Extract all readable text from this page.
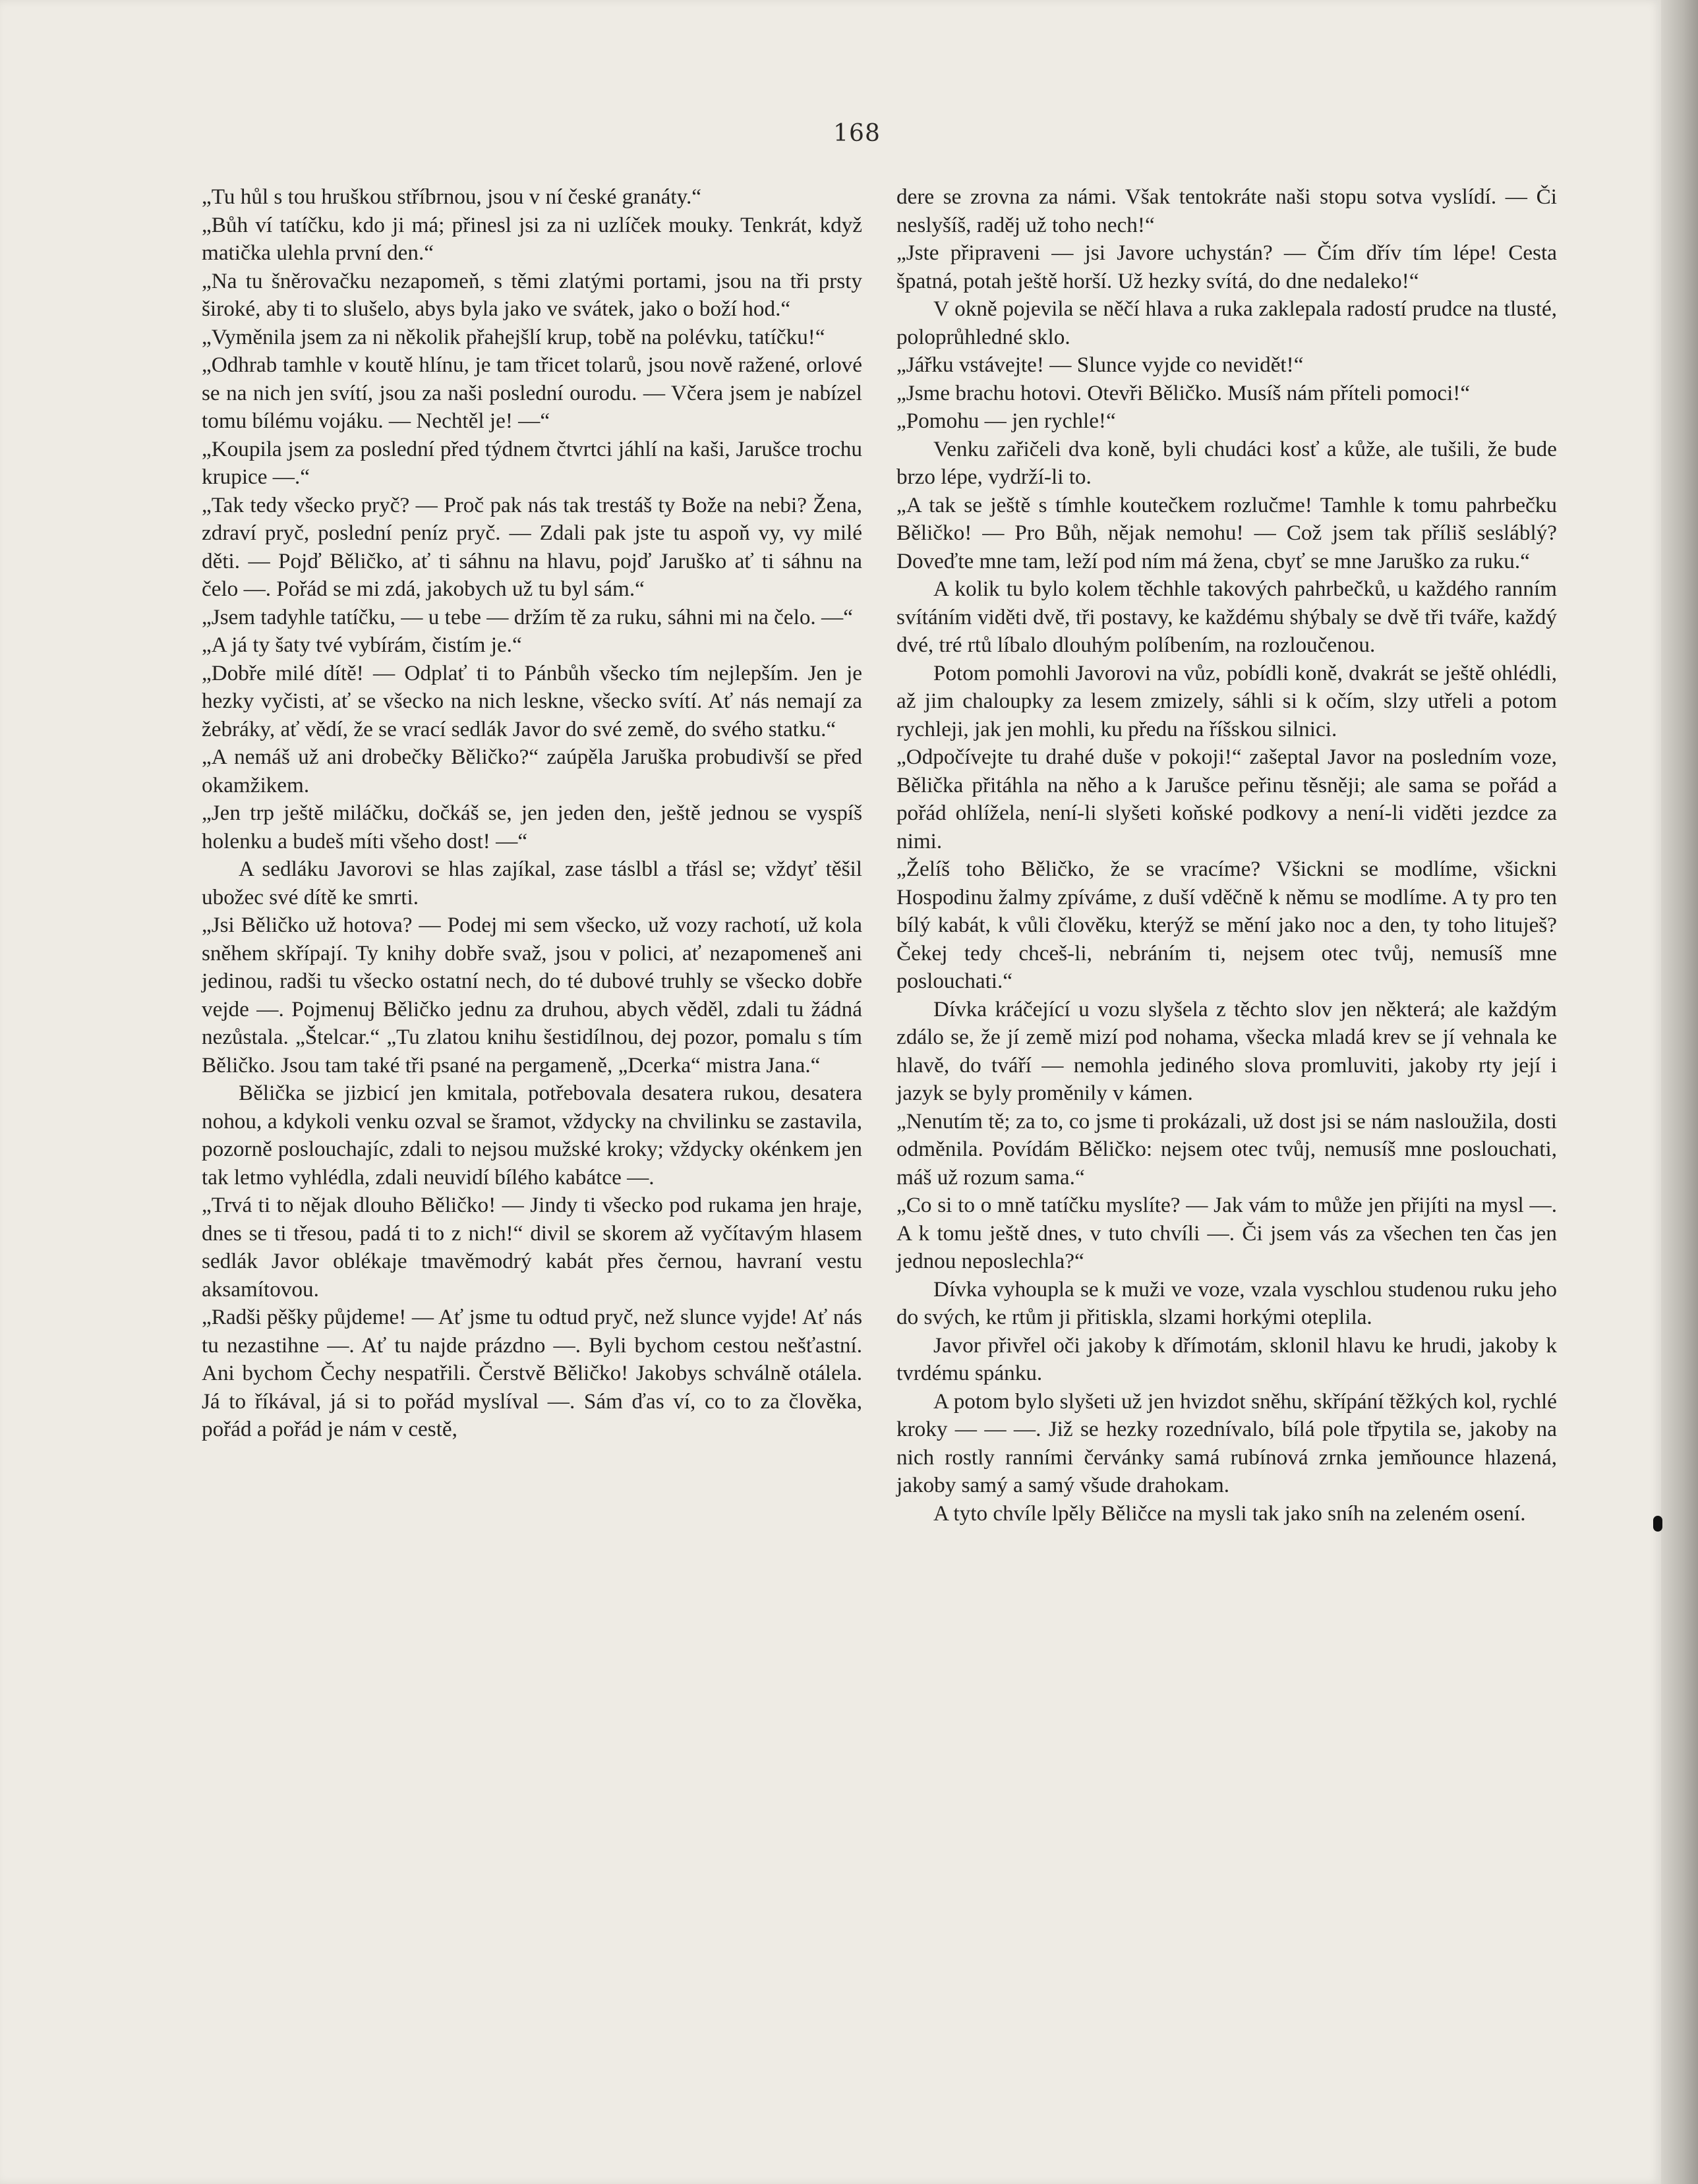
168

„Tu hůl s tou hruškou stříbrnou, jsou v ní české granáty.“

„Bůh ví tatíčku, kdo ji má; přinesl jsi za ni uzlíček mouky. Tenkrát, když matička ulehla první den.“

„Na tu šněrovačku nezapomeň, s těmi zlatými portami, jsou na tři prsty široké, aby ti to slušelo, abys byla jako ve svátek, jako o boží hod.“

„Vyměnila jsem za ni několik přahejšlí krup, tobě na polévku, tatíčku!“

„Odhrab tamhle v koutě hlínu, je tam třicet tolarů, jsou nově ražené, orlové se na nich jen svítí, jsou za naši poslední ourodu. — Včera jsem je nabízel tomu bílému vojáku. — Nechtěl je! —“

„Koupila jsem za poslední před týdnem čtvrtci jáhlí na kaši, Jarušce trochu krupice —.“

„Tak tedy všecko pryč? — Proč pak nás tak trestáš ty Bože na nebi? Žena, zdraví pryč, poslední peníz pryč. — Zdali pak jste tu aspoň vy, vy milé děti. — Pojď Běličko, ať ti sáhnu na hlavu, pojď Jaruško ať ti sáhnu na čelo —. Pořád se mi zdá, jakobych už tu byl sám.“

„Jsem tadyhle tatíčku, — u tebe — držím tě za ruku, sáhni mi na čelo. —“

„A já ty šaty tvé vybírám, čistím je.“

„Dobře milé dítě! — Odplať ti to Pánbůh všecko tím nejlepším. Jen je hezky vyčisti, ať se všecko na nich leskne, všecko svítí. Ať nás nemají za žebráky, ať vědí, že se vrací sedlák Javor do své země, do svého statku.“

„A nemáš už ani drobečky Běličko?“ zaúpěla Jaruška probudivší se před okamžikem.

„Jen trp ještě miláčku, dočkáš se, jen jeden den, ještě jednou se vyspíš holenku a budeš míti všeho dost! —“

A sedláku Javorovi se hlas zajíkal, zase táslbl a třásl se; vždyť těšil ubožec své dítě ke smrti.

„Jsi Běličko už hotova? — Podej mi sem všecko, už vozy rachotí, už kola sněhem skřípají. Ty knihy dobře svaž, jsou v polici, ať nezapomeneš ani jedinou, radši tu všecko ostatní nech, do té dubové truhly se všecko dobře vejde —. Pojmenuj Běličko jednu za druhou, abych věděl, zdali tu žádná nezůstala. „Štelcar.“ „Tu zlatou knihu šestidílnou, dej pozor, pomalu s tím Běličko. Jsou tam také tři psané na pergameně, „Dcerka“ mistra Jana.“

Bělička se jizbicí jen kmitala, potřebovala desatera rukou, desatera nohou, a kdykoli venku ozval se šramot, vždycky na chvilinku se zastavila, pozorně poslouchajíc, zdali to nejsou mužské kroky; vždycky okénkem jen tak letmo vyhlédla, zdali neuvidí bílého kabátce —.

„Trvá ti to nějak dlouho Běličko! — Jindy ti všecko pod rukama jen hraje, dnes se ti třesou, padá ti to z nich!“ divil se skorem až vyčítavým hlasem sedlák Javor oblékaje tmavěmodrý kabát přes černou, havraní vestu aksamítovou.

„Radši pěšky půjdeme! — Ať jsme tu odtud pryč, než slunce vyjde! Ať nás tu nezastihne —. Ať tu najde prázdno —. Byli bychom cestou nešťastní. Ani bychom Čechy nespatřili. Čerstvě Běličko! Jakobys schválně otálela. Já to říkával, já si to pořád myslíval —. Sám ďas ví, co to za člověka, pořád a pořád je nám v cestě,

dere se zrovna za námi. Však tentokráte naši stopu sotva vyslídí. — Či neslyšíš, raděj už toho nech!“

„Jste připraveni — jsi Javore uchystán? — Čím dřív tím lépe! Cesta špatná, potah ještě horší. Už hezky svítá, do dne nedaleko!“

V okně pojevila se něčí hlava a ruka zaklepala radostí prudce na tlusté, poloprůhledné sklo.

„Jářku vstávejte! — Slunce vyjde co nevidět!“

„Jsme brachu hotovi. Otevři Běličko. Musíš nám příteli pomoci!“

„Pomohu — jen rychle!“

Venku zařičeli dva koně, byli chudáci kosť a kůže, ale tušili, že bude brzo lépe, vydrží-li to.

„A tak se ještě s tímhle koutečkem rozlučme! Tamhle k tomu pahrbečku Běličko! — Pro Bůh, nějak nemohu! — Což jsem tak příliš sesláblý? Doveďte mne tam, leží pod ním má žena, cbyť se mne Jaruško za ruku.“

A kolik tu bylo kolem těchhle takových pahrbečků, u každého ranním svítáním viděti dvě, tři postavy, ke každému shýbaly se dvě tři tváře, každý dvé, tré rtů líbalo dlouhým políbením, na rozloučenou.

Potom pomohli Javorovi na vůz, pobídli koně, dvakrát se ještě ohlédli, až jim chaloupky za lesem zmizely, sáhli si k očím, slzy utřeli a potom rychleji, jak jen mohli, ku předu na říšskou silnici.

„Odpočívejte tu drahé duše v pokoji!“ zašeptal Javor na posledním voze, Bělička přitáhla na něho a k Jarušce peřinu těsněji; ale sama se pořád a pořád ohlížela, není-li slyšeti koňské podkovy a není-li viděti jezdce za nimi.

„Želíš toho Běličko, že se vracíme? Všickni se modlíme, všickni Hospodinu žalmy zpíváme, z duší vděčně k němu se modlíme. A ty pro ten bílý kabát, k vůli člověku, kterýž se mění jako noc a den, ty toho lituješ? Čekej tedy chceš-li, nebráním ti, nejsem otec tvůj, nemusíš mne poslouchati.“

Dívka kráčející u vozu slyšela z těchto slov jen některá; ale každým zdálo se, že jí země mizí pod nohama, všecka mladá krev se jí vehnala ke hlavě, do tváří — nemohla jediného slova promluviti, jakoby rty její i jazyk se byly proměnily v kámen.

„Nenutím tě; za to, co jsme ti prokázali, už dost jsi se nám naslоužila, dosti odměnila. Povídám Běličko: nejsem otec tvůj, nemusíš mne poslouchati, máš už rozum sama.“

„Co si to o mně tatíčku myslíte? — Jak vám to může jen přijíti na mysl —. A k tomu ještě dnes, v tuto chvíli —. Či jsem vás za všechen ten čas jen jednou neposlechla?“

Dívka vyhoupla se k muži ve voze, vzala vyschlou studenou ruku jeho do svých, ke rtům ji přitiskla, slzami horkými oteplila.

Javor přivřel oči jakoby k dřímotám, sklonil hlavu ke hrudi, jakoby k tvrdému spánku.

A potom bylo slyšeti už jen hvizdot sněhu, skřípání těžkých kol, rychlé kroky — — —. Již se hezky rozednívalo, bílá pole třpytila se, jakoby na nich rostly ranními červánky samá rubínová zrnka jemňounce hlazená, jakoby samý a samý všude drahokam.

A tyto chvíle lpěly Běličce na mysli tak jako sníh na zeleném osení.
